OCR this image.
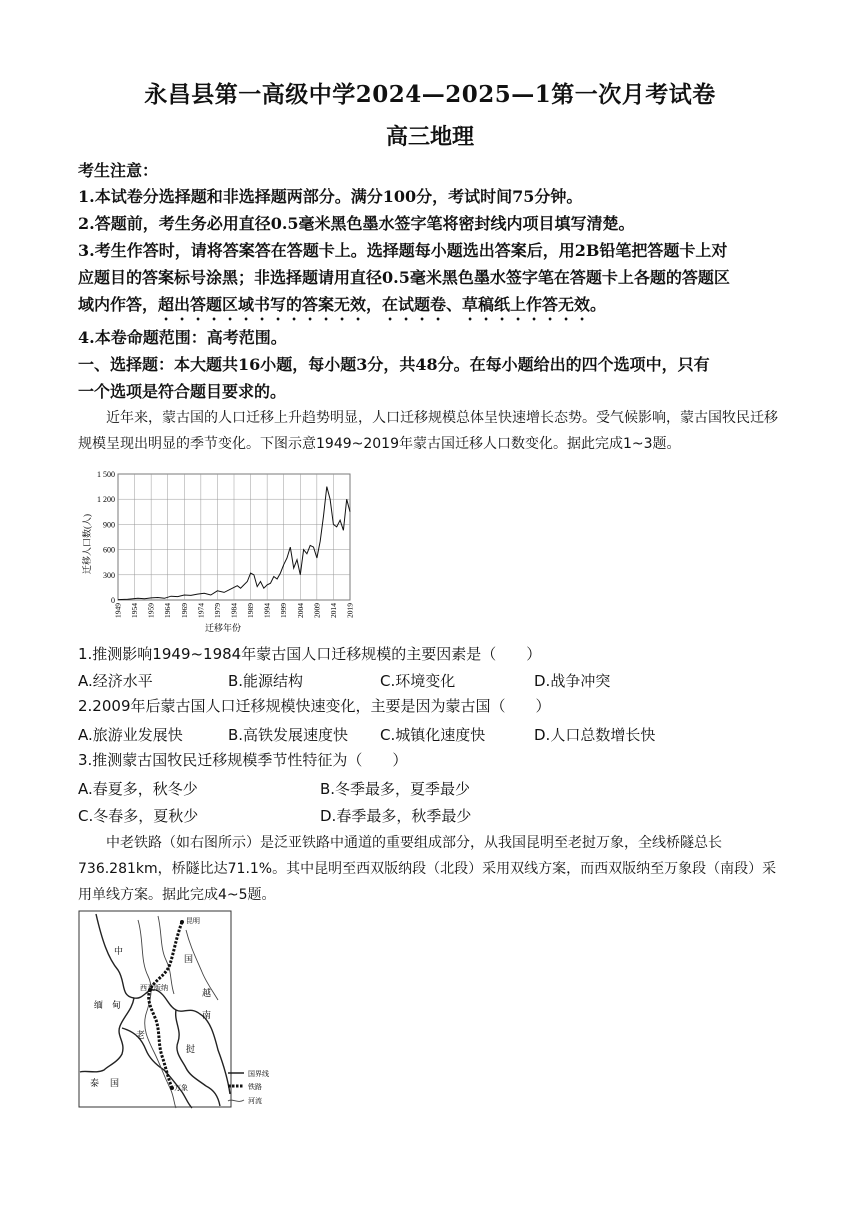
永昌县第一高级中学2024—2025—1第一次月考试卷
高三地理
考生注意：
1.本试卷分选择题和非选择题两部分。满分100分，考试时间75分钟。
2.答题前，考生务必用直径0.5毫米黑色墨水签字笔将密封线内项目填写清楚。
3.考生作答时，请将答案答在答题卡上。选择题每小题选出答案后，用2B铅笔把答题卡上对
应题目的答案标号涂黑；非选择题请用直径0.5毫米黑色墨水签字笔在答题卡上各题的答题区
域内作答，超出答题区域书写的答案无效，在试题卷、草稿纸上作答无效。
4.本卷命题范围：高考范围。
一、选择题：本大题共16小题，每小题3分，共48分。在每小题给出的四个选项中，只有
一个选项是符合题目要求的。
近年来，蒙古国的人口迁移上升趋势明显，人口迁移规模总体呈快速增长态势。受气候影响，蒙古国牧民迁移规模呈现出明显的季节变化。下图示意1949~2019年蒙古国迁移人口数变化。据此完成1~3题。
0
300
600
900
1 200
1 500
1949 1954 1959 1964 1969 1974 1979 1984 1989 1994 1999 2004 2009 2014 2019
迁移人口数(人)
迁移年份
1.推测影响1949~1984年蒙古国人口迁移规模的主要因素是（　　）
A.经济水平	B.能源结构	C.环境变化	D.战争冲突
2.2009年后蒙古国人口迁移规模快速变化，主要是因为蒙古国（　　）
A.旅游业发展快	B.高铁发展速度快 C.城镇化速度快	D.人口总数增长快
3.推测蒙古国牧民迁移规模季节性特征为（　　）
A.春夏多，秋冬少	B.冬季最多，夏季最少
C.冬春多，夏秋少	D.春季最多，秋季最少
中老铁路（如右图所示）是泛亚铁路中通道的重要组成部分，从我国昆明至老挝万象，全线桥隧总长736.281km，桥隧比达71.1%。其中昆明至西双版纳段（北段）采用双线方案，而西双版纳至万象段（南段）采用单线方案。据此完成4~5题。
昆明
西双版纳
万象
中
国
越
南
缅 甸
老
挝
泰 国
国界线
铁路
河流
